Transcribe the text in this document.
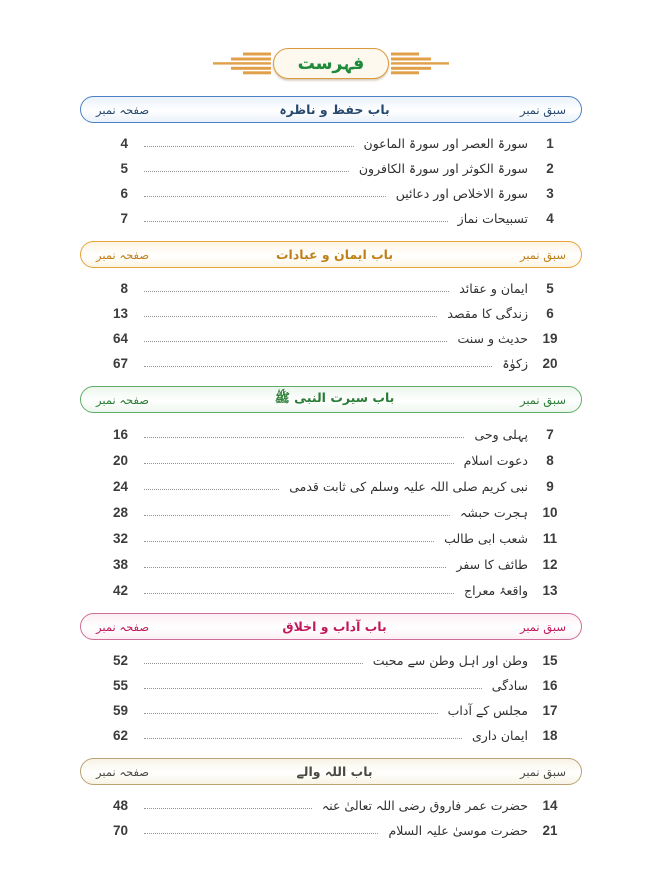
فہرست
سبق نمبر
باب حفظ و ناظرہ
صفحہ نمبر
1
سورۃ العصر اور سورۃ الماعون
4
2
سورۃ الکوثر اور سورۃ الکافرون
5
3
سورۃ الاخلاص اور دعائیں
6
4
تسبیحات نماز
7
سبق نمبر
باب ایمان و عبادات
صفحہ نمبر
5
ایمان و عقائد
8
6
زندگی کا مقصد
13
19
حدیث و سنت
64
20
زکوٰۃ
67
سبق نمبر
باب سیرت النبی ﷺ
صفحہ نمبر
7
پہلی وحی
16
8
دعوت اسلام
20
9
نبی کریم صلی اللہ علیہ وسلم کی ثابت قدمی
24
10
ہجرت حبشہ
28
11
شعب ابی طالب
32
12
طائف کا سفر
38
13
واقعۂ معراج
42
سبق نمبر
باب آداب و اخلاق
صفحہ نمبر
15
وطن اور اہل وطن سے محبت
52
16
سادگی
55
17
مجلس کے آداب
59
18
ایمان داری
62
سبق نمبر
باب اللہ والے
صفحہ نمبر
14
حضرت عمر فاروق رضی اللہ تعالیٰ عنہ
48
21
حضرت موسیٰ علیہ السلام
70
